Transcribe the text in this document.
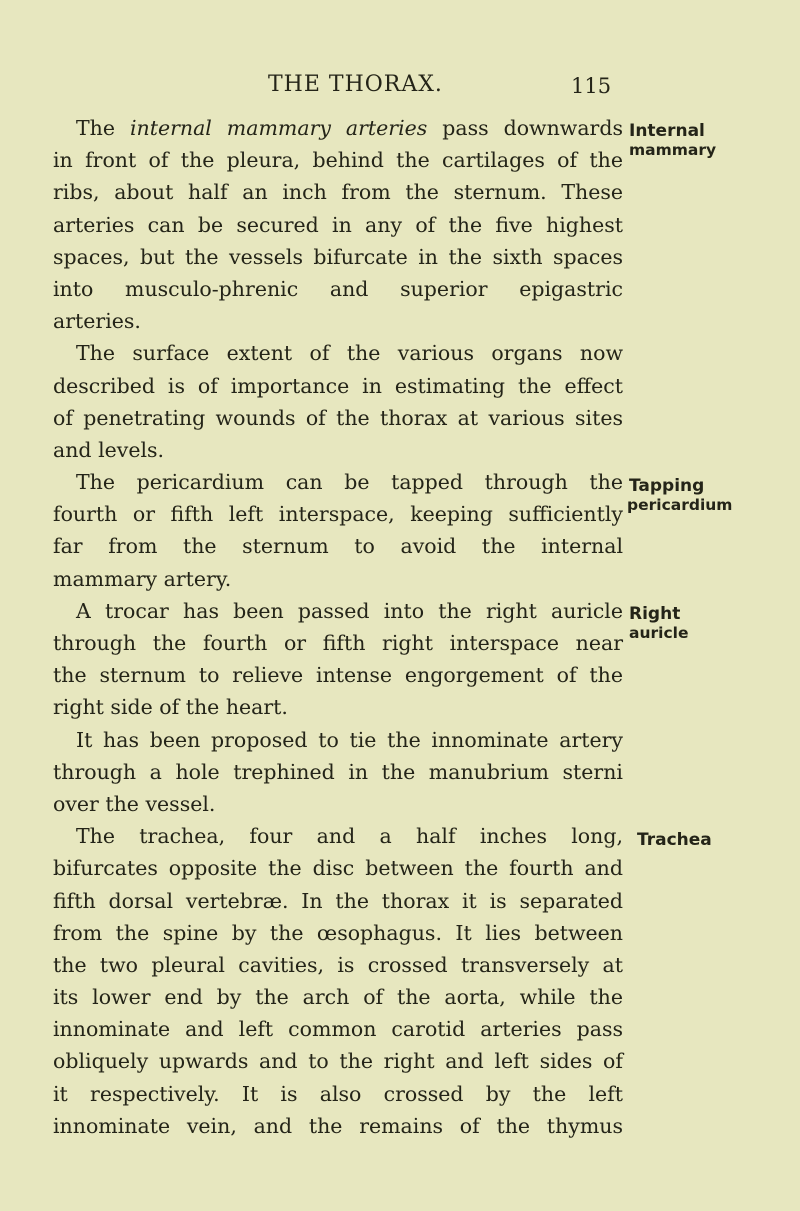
THE THORAX.	115
The internal mammary arteries pass downwards
in front of the pleura, behind the cartilages of the
ribs, about half an inch from the sternum. These
arteries can be secured in any of the five highest
spaces, but the vessels bifurcate in the sixth spaces
into musculo-phrenic and superior epigastric
arteries.
The surface extent of the various organs now
described is of importance in estimating the effect
of penetrating wounds of the thorax at various sites
and levels.
The pericardium can be tapped through the
fourth or fifth left interspace, keeping sufficiently
far from the sternum to avoid the internal
mammary artery.
A trocar has been passed into the right auricle
through the fourth or fifth right interspace near
the sternum to relieve intense engorgement of the
right side of the heart.
It has been proposed to tie the innominate artery
through a hole trephined in the manubrium sterni
over the vessel.
The trachea, four and a half inches long,
bifurcates opposite the disc between the fourth and
fifth dorsal vertebræ. In the thorax it is separated
from the spine by the œsophagus. It lies between
the two pleural cavities, is crossed transversely at
its lower end by the arch of the aorta, while the
innominate and left common carotid arteries pass
obliquely upwards and to the right and left sides of
it respectively. It is also crossed by the left
innominate vein, and the remains of the thymus
Internal
mammary
Tapping
pericardium
Right
auricle
Trachea
